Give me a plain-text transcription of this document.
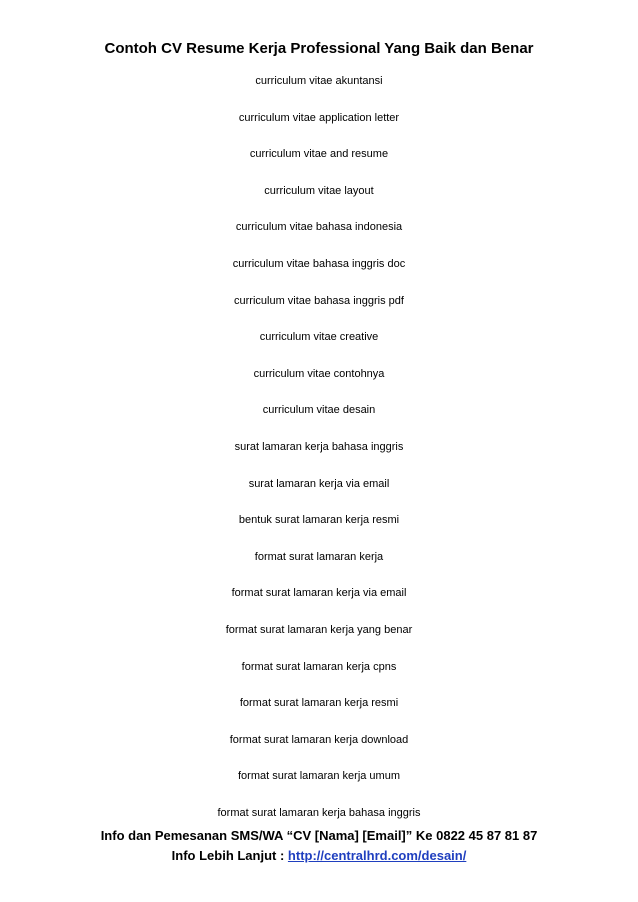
Contoh CV Resume Kerja Professional Yang Baik dan Benar
curriculum vitae akuntansi
curriculum vitae application letter
curriculum vitae and resume
curriculum vitae layout
curriculum vitae bahasa indonesia
curriculum vitae bahasa inggris doc
curriculum vitae bahasa inggris pdf
curriculum vitae creative
curriculum vitae contohnya
curriculum vitae desain
surat lamaran kerja bahasa inggris
surat lamaran kerja via email
bentuk surat lamaran kerja resmi
format surat lamaran kerja
format surat lamaran kerja via email
format surat lamaran kerja yang benar
format surat lamaran kerja cpns
format surat lamaran kerja resmi
format surat lamaran kerja download
format surat lamaran kerja umum
format surat lamaran kerja bahasa inggris
Info dan Pemesanan SMS/WA “CV [Nama] [Email]” Ke 0822 45 87 81 87
Info Lebih Lanjut : http://centralhrd.com/desain/
